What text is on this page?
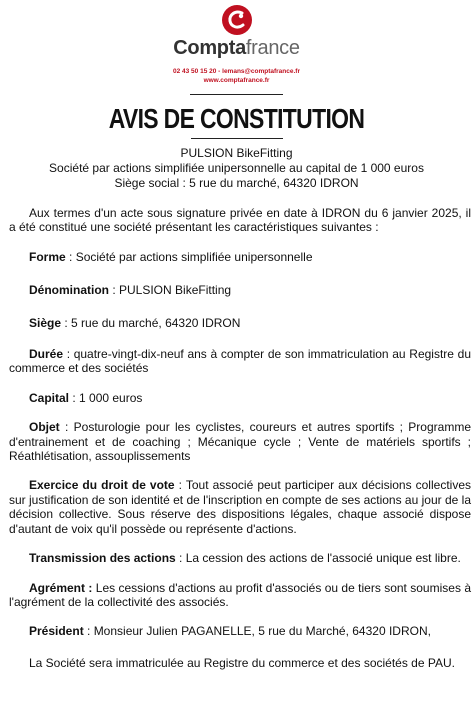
Comptafrance
02 43 50 15 20 - lemans@comptafrance.fr
www.comptafrance.fr
AVIS DE CONSTITUTION
PULSION BikeFitting
Société par actions simplifiée unipersonnelle au capital de 1 000 euros
Siège social : 5 rue du marché, 64320 IDRON

Aux termes d'un acte sous signature privée en date à IDRON du 6 janvier 2025, il a été constitué une société présentant les caractéristiques suivantes :

Forme : Société par actions simplifiée unipersonnelle

Dénomination : PULSION BikeFitting

Siège : 5 rue du marché, 64320 IDRON

Durée : quatre-vingt-dix-neuf ans à compter de son immatriculation au Registre du commerce et des sociétés

Capital : 1 000 euros

Objet : Posturologie pour les cyclistes, coureurs et autres sportifs ; Programme d'entrainement et de coaching ; Mécanique cycle ; Vente de matériels sportifs ; Réathlétisation, assouplissements

Exercice du droit de vote : Tout associé peut participer aux décisions collectives sur justification de son identité et de l'inscription en compte de ses actions au jour de la décision collective. Sous réserve des dispositions légales, chaque associé dispose d'autant de voix qu'il possède ou représente d'actions.

Transmission des actions : La cession des actions de l'associé unique est libre.

Agrément : Les cessions d'actions au profit d'associés ou de tiers sont soumises à l'agrément de la collectivité des associés.

Président : Monsieur Julien PAGANELLE, 5 rue du Marché, 64320 IDRON,

La Société sera immatriculée au Registre du commerce et des sociétés de PAU.
